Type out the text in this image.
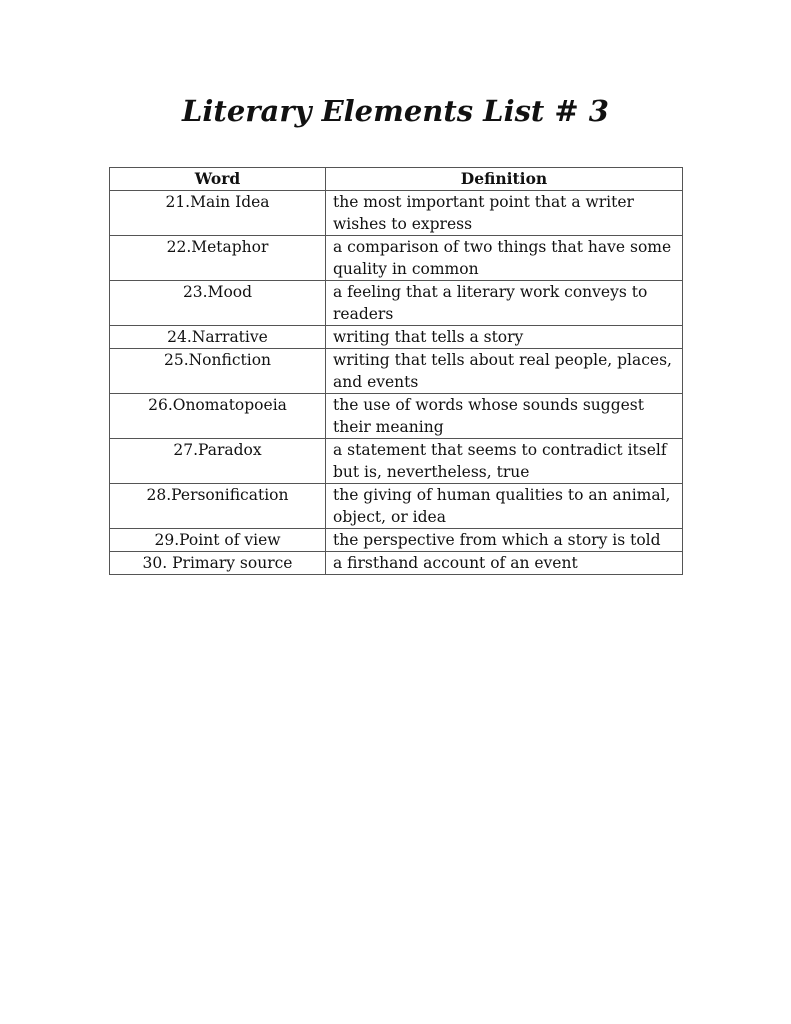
Literary Elements List # 3
Word	Definition
21.Main Idea	the most important point that a writer wishes to express
22.Metaphor	a comparison of two things that have some quality in common
23.Mood	a feeling that a literary work conveys to readers
24.Narrative	writing that tells a story
25.Nonfiction	writing that tells about real people, places, and events
26.Onomatopoeia	the use of words whose sounds suggest their meaning
27.Paradox	a statement that seems to contradict itself but is, nevertheless, true
28.Personification	the giving of human qualities to an animal, object, or idea
29.Point of view	the perspective from which a story is told
30. Primary source	a firsthand account of an event
